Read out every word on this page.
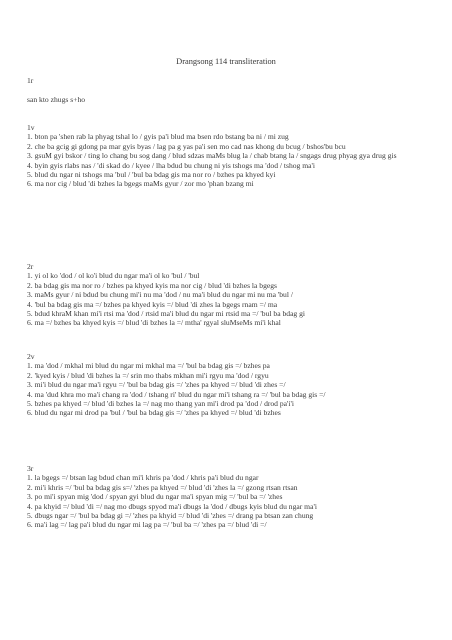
Drangsong 114 transliteration
1r
san kto zhugs s+ho
1v
1. bton pa 'shen rab la phyag tshal lo / gyis pa'i blud ma bsen rdo bstang ba ni / mi zug
2. che ba gcig gi gdong pa mar gyis byas / lag pa g yas pa'i sen mo cad nas khong du bcug / bshos'bu bcu
3. gsuM gyi bskor / ting lo chang bu sog dang / blud sdzas maMs blug la / chab btang la / sngags drug phyag gya drug gis
4. byin gyis rlabs nas / 'di skad do / kyee / lha bdud bu chung ni yis tshogs ma 'dod / tshog ma'i
5. blud du ngar ni tshogs ma 'bul / 'bul ba bdag gis ma nor ro / bzhes pa khyed kyi
6. ma nor cig / blud 'di bzhes la bgegs maMs gyur / zor mo 'phan bzang mi
2r
1. yi ol ko 'dod / ol ko'i blud du ngar ma'i ol ko 'bul / 'bul
2. ba bdag gis ma nor ro / bzhes pa khyed kyis ma nor cig / blud 'di bzhes la bgegs
3. maMs gyur / ni bdud bu chung mi'i nu ma 'dod / nu ma'i blud du ngar mi nu ma 'bul /
4. 'bul ba bdag gis ma =/ bzhes pa khyed kyis =/ blud 'di zhes la bgegs rnam =/ ma
5. bdud khraM khan mi'i rtsi ma 'dod / rtsid ma'i blud du ngar mi rtsid ma =/ 'bul ba bdag gi
6. ma =/ bzhes ba khyed kyis =/ blud 'di bzhes la =/ mtha' rgyal sluMseMs mi'i khal
2v
1. ma 'dod / mkhal mi blud du ngar mi mkhal ma =/ 'bul ba bdag gis =/ bzhes pa
2. 'kyed kyis / blud 'di bzhes la =/ srin mo thabs mkhan mi'i rgyu ma 'dod / rgyu
3. mi'i blud du ngar ma'i rgyu =/ 'bul ba bdag gis =/ 'zhes pa khyed =/ blud 'di zhes =/
4. ma 'dud khra mo ma'i chang ra 'dod / tshang ri' blud du ngar mi'i tshang ra =/ 'bul ba bdag gis =/
5. bzhes pa khyed =/ blud 'di bzhes la =/ nag mo thang yan mi'i drod pa 'dod / drod pa'i'i
6. blud du ngar mi drod pa 'bul / 'bul ba bdag gis =/ 'zhes pa khyed =/ blud 'di bzhes
3r
1. la bgegs =/ btsan lag bdud chan mi'i khris pa 'dod / khris pa'i blud du ngar
2. mi'i khris =/ 'bul ba bdag gis s=/ 'zhes pa khyed =/ blud 'di 'zhes la =/ gzong rtsan rtsan
3. po mi'i spyan mig 'dod / spyan gyi blud du ngar ma'i spyan mig =/ 'bul ba =/ 'zhes
4. pa khyid =/ blud 'di =/ nag mo dbugs spyod ma'i dbugs la 'dod / dbugs kyis blud du ngar ma'i
5. dbugs ngar =/ 'bul ba bdag gi =/ 'zhes pa khyid =/ blud 'di 'zhes =/ drang pa btsan zan chung
6. ma'i lag =/ lag pa'i blud du ngar mi lag pa =/ 'bul ba =/ 'zhes pa =/ blud 'di =/
